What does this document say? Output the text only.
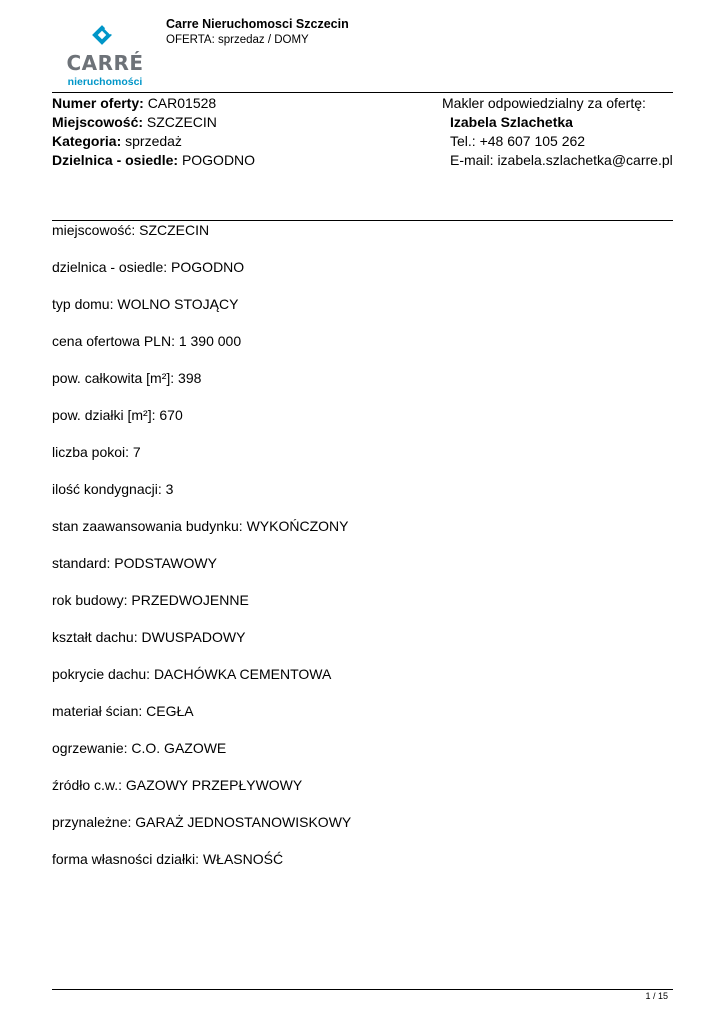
CARRÉ
nieruchomości
Carre Nieruchomosci Szczecin
OFERTA: sprzedaz / DOMY
Numer oferty: CAR01528
Miejscowość: SZCZECIN
Kategoria: sprzedaż
Dzielnica - osiedle: POGODNO
Makler odpowiedzialny za ofertę:
Izabela Szlachetka
Tel.: +48 607 105 262
E-mail: izabela.szlachetka@carre.pl
miejscowość: SZCZECIN
dzielnica - osiedle: POGODNO
typ domu: WOLNO STOJĄCY
cena ofertowa PLN: 1 390 000
pow. całkowita [m²]: 398
pow. działki [m²]: 670
liczba pokoi: 7
ilość kondygnacji: 3
stan zaawansowania budynku: WYKOŃCZONY
standard: PODSTAWOWY
rok budowy: PRZEDWOJENNE
kształt dachu: DWUSPADOWY
pokrycie dachu: DACHÓWKA CEMENTOWA
materiał ścian: CEGŁA
ogrzewanie: C.O. GAZOWE
źródło c.w.: GAZOWY PRZEPŁYWOWY
przynależne: GARAŻ JEDNOSTANOWISKOWY
forma własności działki: WŁASNOŚĆ
1 / 15
